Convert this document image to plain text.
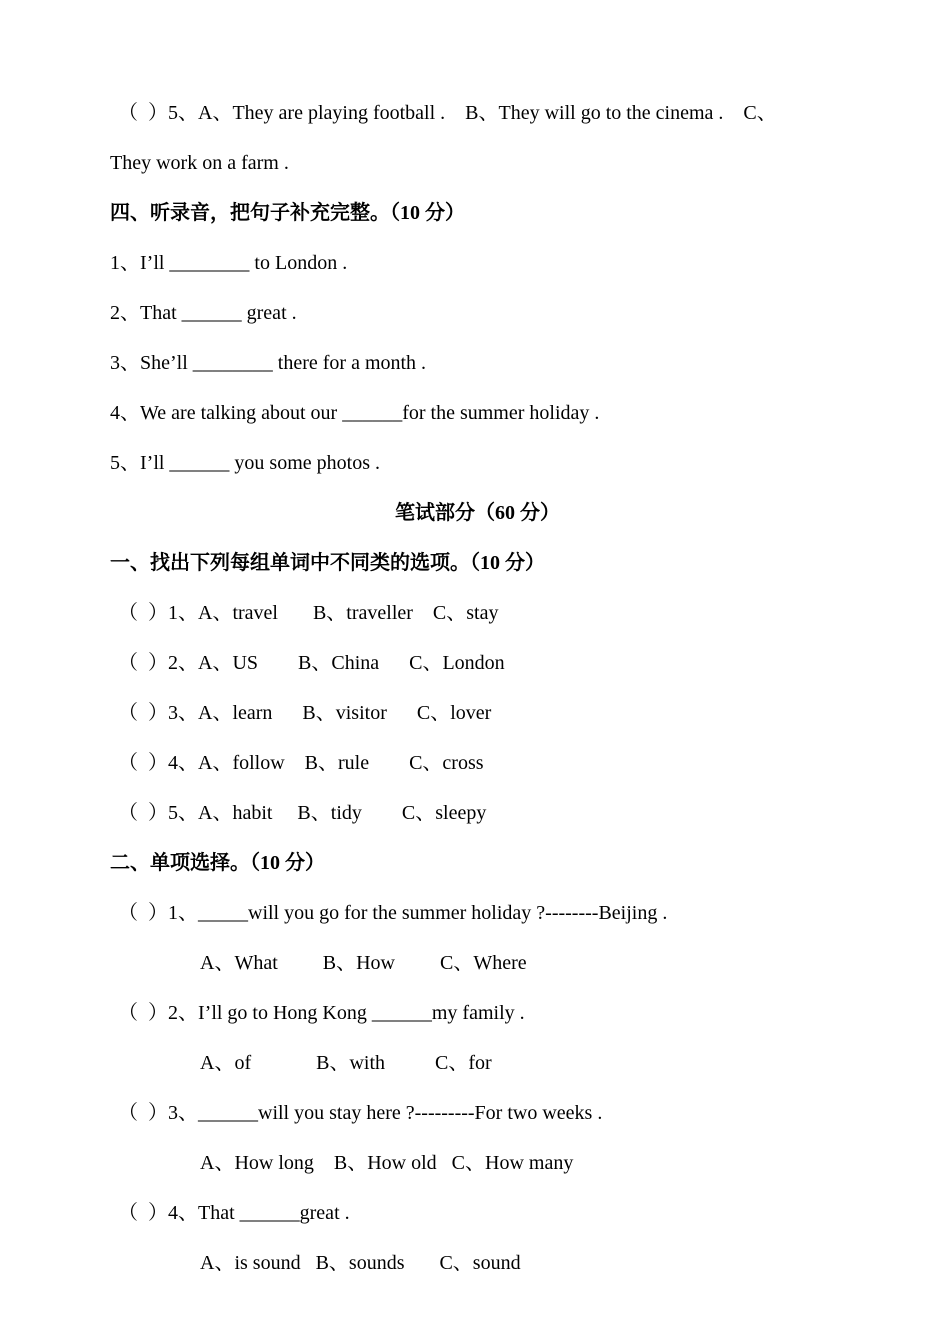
（  ）5、A、They are playing football .    B、They will go to the cinema .    C、
They work on a farm .
四、听录音，把句子补充完整。（10 分）
1、I’ll ________ to London .
2、That ______ great .
3、She’ll ________ there for a month .
4、We are talking about our ______for the summer holiday .
5、I’ll ______ you some photos .
笔试部分（60 分）
一、找出下列每组单词中不同类的选项。（10 分）
（  ）1、A、travel       B、traveller    C、stay
（  ）2、A、US        B、China      C、London
（  ）3、A、learn      B、visitor      C、lover
（  ）4、A、follow    B、rule        C、cross
（  ）5、A、habit     B、tidy        C、sleepy
二、单项选择。（10 分）
（  ）1、_____will you go for the summer holiday ?--------Beijing .
A、What         B、How         C、Where
（  ）2、I’ll go to Hong Kong ______my family .
A、of             B、with          C、for
（  ）3、______will you stay here ?---------For two weeks .
A、How long    B、How old   C、How many
（  ）4、That ______great .
A、is sound   B、sounds       C、sound
